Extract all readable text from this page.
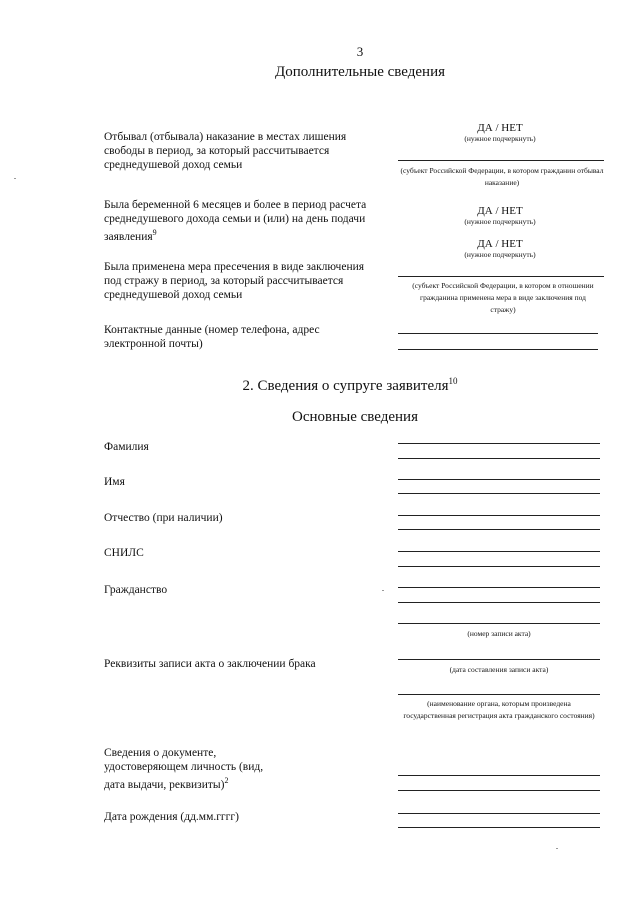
3
Дополнительные сведения
Отбывал (отбывала) наказание в местах лишения свободы в период, за который рассчитывается среднедушевой доход семьи
ДА / НЕТ
(нужное подчеркнуть)
(субъект Российской Федерации, в котором гражданин отбывал наказание)
Была беременной 6 месяцев и более в период расчета среднедушевого дохода семьи и (или) на день подачи заявления$^9$
ДА / НЕТ
(нужное подчеркнуть)
ДА / НЕТ
(нужное подчеркнуть)
Была применена мера пресечения в виде заключения под стражу в период, за который рассчитывается среднедушевой доход семьи
(субъект Российской Федерации, в котором в отношении гражданина применена мера в виде заключения под стражу)
Контактные данные (номер телефона, адрес электронной почты)
2. Сведения о супруге заявителя$^{10}$
Основные сведения
Фамилия
Имя
Отчество (при наличии)
СНИЛС
Гражданство
(номер записи акта)
Реквизиты записи акта о заключении брака	(дата составления записи акта)
(наименование органа, которым произведена государственная регистрация акта гражданского состояния)
Сведения о документе, удостоверяющем личность (вид, дата выдачи, реквизиты)$^2$
Дата рождения (дд.мм.гггг)
